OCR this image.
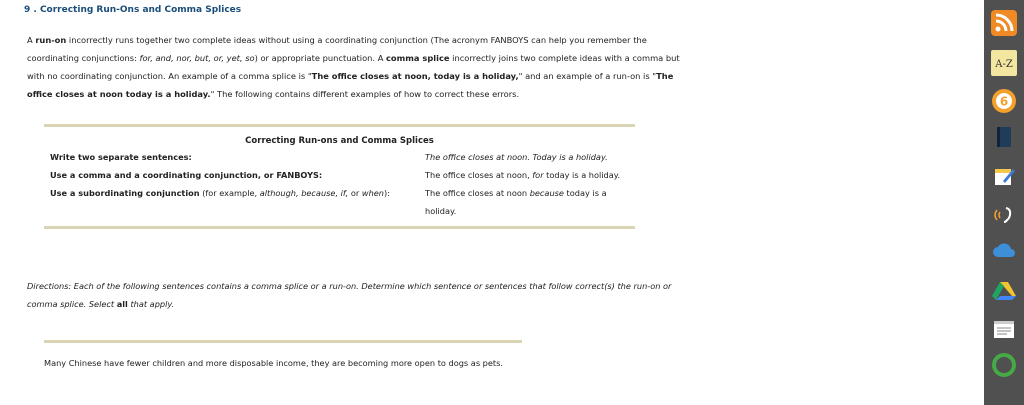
9 . Correcting Run-Ons and Comma Splices
A run-on incorrectly runs together two complete ideas without using a coordinating conjunction (The acronym FANBOYS can help you remember the coordinating conjunctions: for, and, nor, but, or, yet, so) or appropriate punctuation. A comma splice incorrectly joins two complete ideas with a comma but with no coordinating conjunction. An example of a comma splice is "The office closes at noon, today is a holiday," and an example of a run-on is "The office closes at noon today is a holiday." The following contains different examples of how to correct these errors.
Correcting Run-ons and Comma Splices
Write two separate sentences:	The office closes at noon. Today is a holiday.
Use a comma and a coordinating conjunction, or FANBOYS:	The office closes at noon, for today is a holiday.
Use a subordinating conjunction (for example, although, because, if, or when):	The office closes at noon because today is a holiday.
Directions: Each of the following sentences contains a comma splice or a run-on. Determine which sentence or sentences that follow correct(s) the run-on or comma splice. Select all that apply.
Many Chinese have fewer children and more disposable income, they are becoming more open to dogs as pets.
A-Z
6
